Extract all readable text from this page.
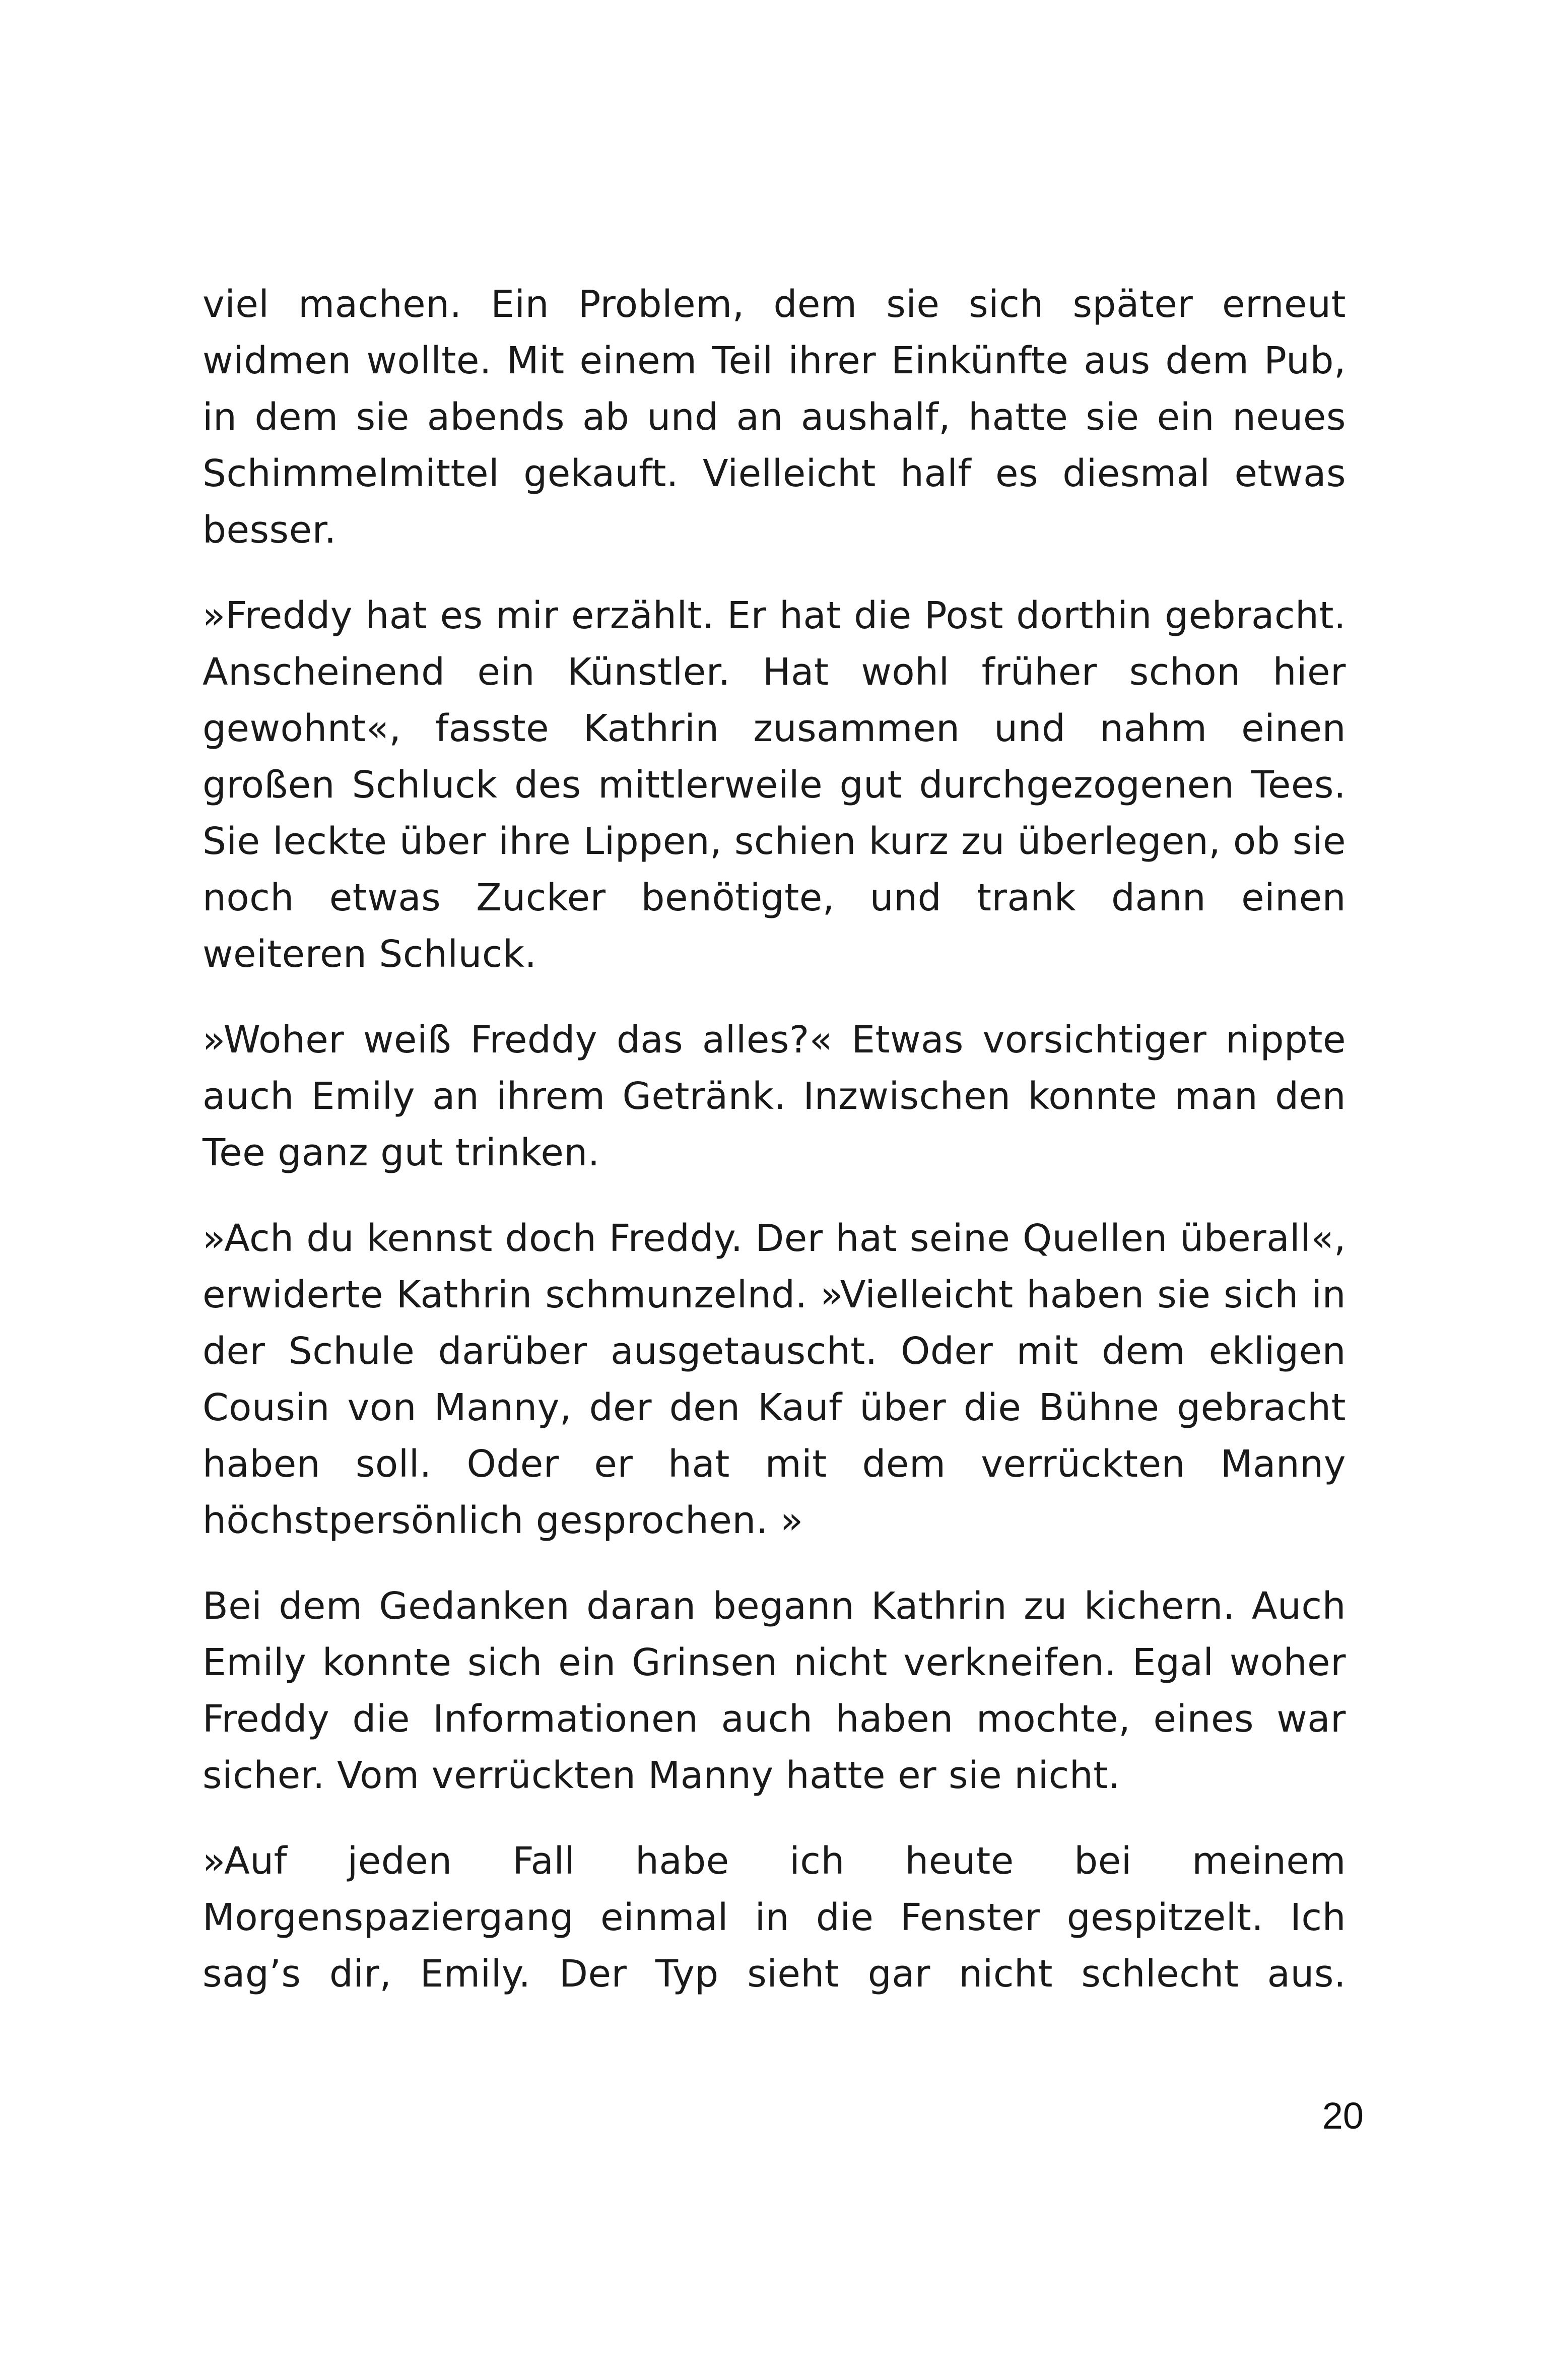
viel machen. Ein Problem, dem sie sich später erneut widmen wollte. Mit einem Teil ihrer Einkünfte aus dem Pub, in dem sie abends ab und an aushalf, hatte sie ein neues Schimmelmittel gekauft. Vielleicht half es diesmal etwas besser.

»Freddy hat es mir erzählt. Er hat die Post dorthin gebracht. Anscheinend ein Künstler. Hat wohl früher schon hier gewohnt«, fasste Kathrin zusammen und nahm einen großen Schluck des mittlerweile gut durchgezogenen Tees. Sie leckte über ihre Lippen, schien kurz zu überlegen, ob sie noch etwas Zucker benötigte, und trank dann einen weiteren Schluck.

»Woher weiß Freddy das alles?« Etwas vorsichtiger nippte auch Emily an ihrem Getränk. Inzwischen konnte man den Tee ganz gut trinken.

»Ach du kennst doch Freddy. Der hat seine Quellen überall«, erwiderte Kathrin schmunzelnd. »Vielleicht haben sie sich in der Schule darüber ausgetauscht. Oder mit dem ekligen Cousin von Manny, der den Kauf über die Bühne gebracht haben soll. Oder er hat mit dem verrückten Manny höchstpersönlich gesprochen. »

Bei dem Gedanken daran begann Kathrin zu kichern. Auch Emily konnte sich ein Grinsen nicht verkneifen. Egal woher Freddy die Informationen auch haben mochte, eines war sicher. Vom verrückten Manny hatte er sie nicht.

»Auf jeden Fall habe ich heute bei meinem Morgenspaziergang einmal in die Fenster gespitzelt. Ich sag’s dir, Emily. Der Typ sieht gar nicht schlecht aus.

20
